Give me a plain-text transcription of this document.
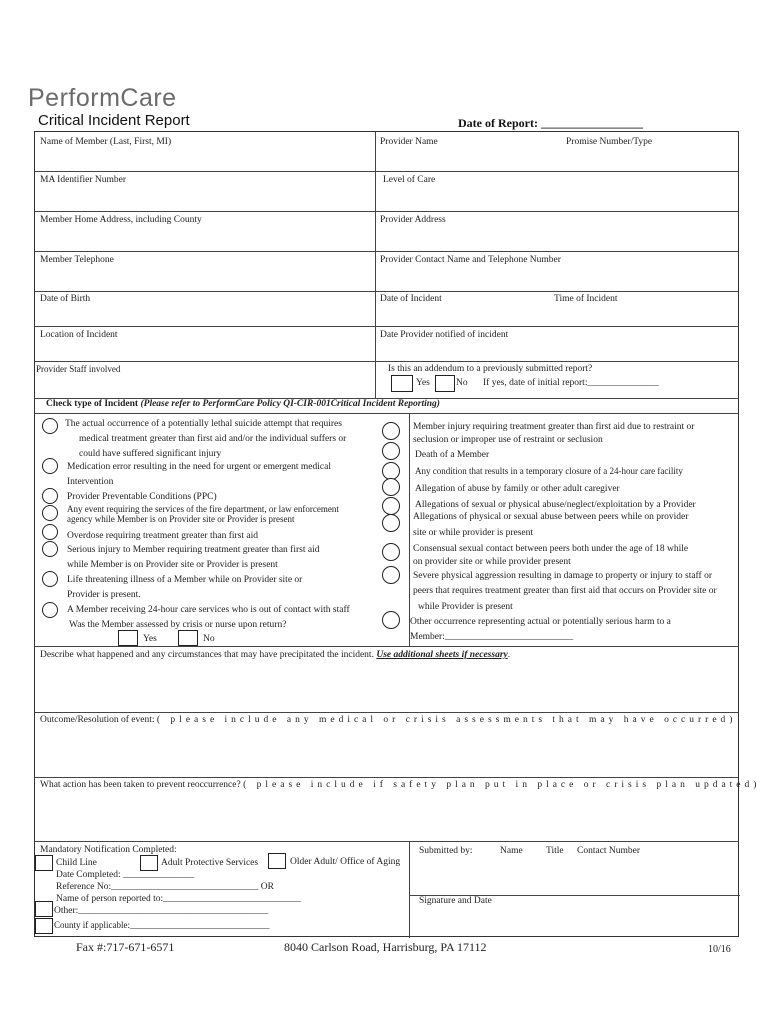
PerformCare
Critical Incident Report	Date of Report: _________________
Name of Member (Last, First, MI)	Provider Name	Promise Number/Type
MA Identifier Number	Level of Care
Member Home Address, including County	Provider Address
Member Telephone	Provider Contact Name and Telephone Number
Date of Birth	Date of Incident	Time of Incident
Location of Incident	Date Provider notified of incident
Provider Staff involved	Is this an addendum to a previously submitted report?
Yes	No If yes, date of initial report:_______________
Check type of Incident (Please refer to PerformCare Policy QI-CIR-001Critical Incident Reporting)
The actual occurrence of a potentially lethal suicide attempt that requires
medical treatment greater than first aid and/or the individual suffers or
could have suffered significant injury
Medication error resulting in the need for urgent or emergent medical
Intervention
Provider Preventable Conditions (PPC)
Any event requiring the services of the fire department, or law enforcement
agency while Member is on Provider site or Provider is present
Overdose requiring treatment greater than first aid
Serious injury to Member requiring treatment greater than first aid
while Member is on Provider site or Provider is present
Life threatening illness of a Member while on Provider site or
Provider is present.
A Member receiving 24-hour care services who is out of contact with staff
Was the Member assessed by crisis or nurse upon return?
Yes	No
Member injury requiring treatment greater than first aid due to restraint or
seclusion or improper use of restraint or seclusion
Death of a Member
Any condition that results in a temporary closure of a 24-hour care facility
Allegation of abuse by family or other adult caregiver
Allegations of sexual or physical abuse/neglect/exploitation by a Provider
Allegations of physical or sexual abuse between peers while on provider
site or while provider is present
Consensual sexual contact between peers both under the age of 18 while
on provider site or while provider present
Severe physical aggression resulting in damage to property or injury to staff or
peers that requires treatment greater than first aid that occurs on Provider site or
while Provider is present
Other occurrence representing actual or potentially serious harm to a
Member:___________________________
Describe what happened and any circumstances that may have precipitated the incident. Use additional sheets if necessary.
Outcome/Resolution of event: ( please include any medical or crisis assessments that may have occurred)
What action has been taken to prevent reoccurrence? ( please include if safety plan put in place or crisis plan updated)
Mandatory Notification Completed:
Child Line	Adult Protective Services	Older Adult/ Office of Aging
Date Completed: _______________
Reference No:_______________________________ OR
Name of person reported to:_____________________________
Other:________________________________________
County if applicable:_______________________________
Submitted by:	Name Title Contact Number
Signature and Date
Fax #:717-671-6571	8040 Carlson Road, Harrisburg, PA 17112	10/16
